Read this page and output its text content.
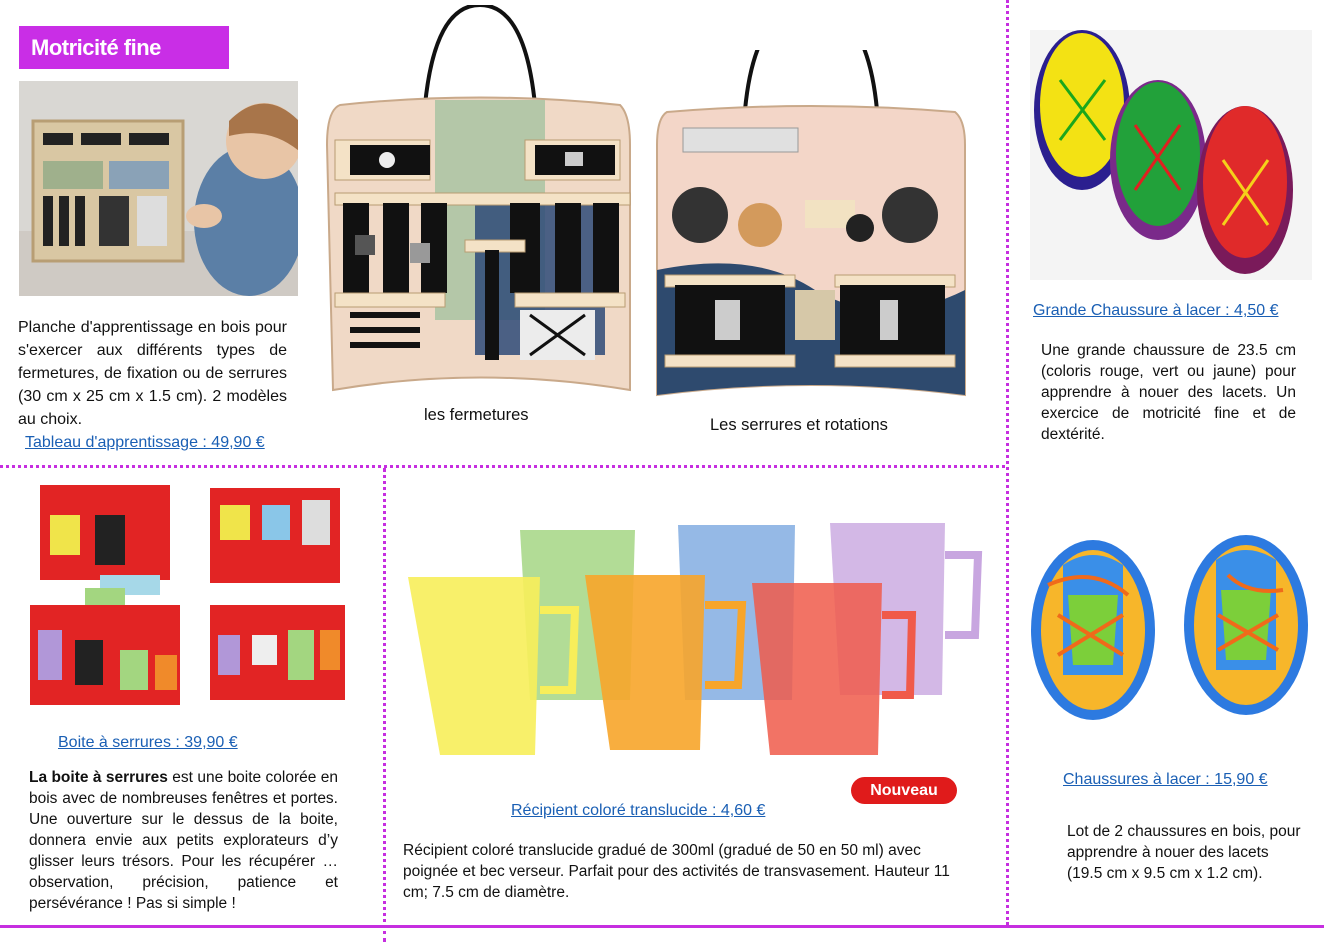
Motricité fine
Planche d'apprentissage en bois pour s'exercer aux différents types de fermetures, de fixation ou de serrures (30 cm x 25 cm x 1.5 cm). 2 modèles au choix.
Tableau d'apprentissage : 49,90 €
les fermetures
Les serrures et rotations
Grande Chaussure à lacer : 4,50 €
Une grande chaussure de 23.5 cm (coloris rouge, vert ou jaune) pour apprendre à nouer des lacets. Un exercice de motricité fine et de dextérité.
Boite à serrures : 39,90 €
La boite à serrures est une boite colorée en bois avec de nombreuses fenêtres et portes. Une ouverture sur le dessus de la boite, donnera envie aux petits explorateurs d’y glisser leurs trésors. Pour les récupérer … observation, précision, patience et persévérance ! Pas si simple !
Nouveau
Récipient coloré translucide : 4,60 €
Récipient coloré translucide gradué de 300ml (gradué de 50 en 50 ml) avec poignée et bec verseur. Parfait pour des activités de transvasement. Hauteur 11 cm; 7.5 cm de diamètre.
Chaussures à lacer : 15,90 €
Lot de 2 chaussures en bois, pour apprendre à nouer des lacets (19.5 cm x 9.5 cm x 1.2 cm).
